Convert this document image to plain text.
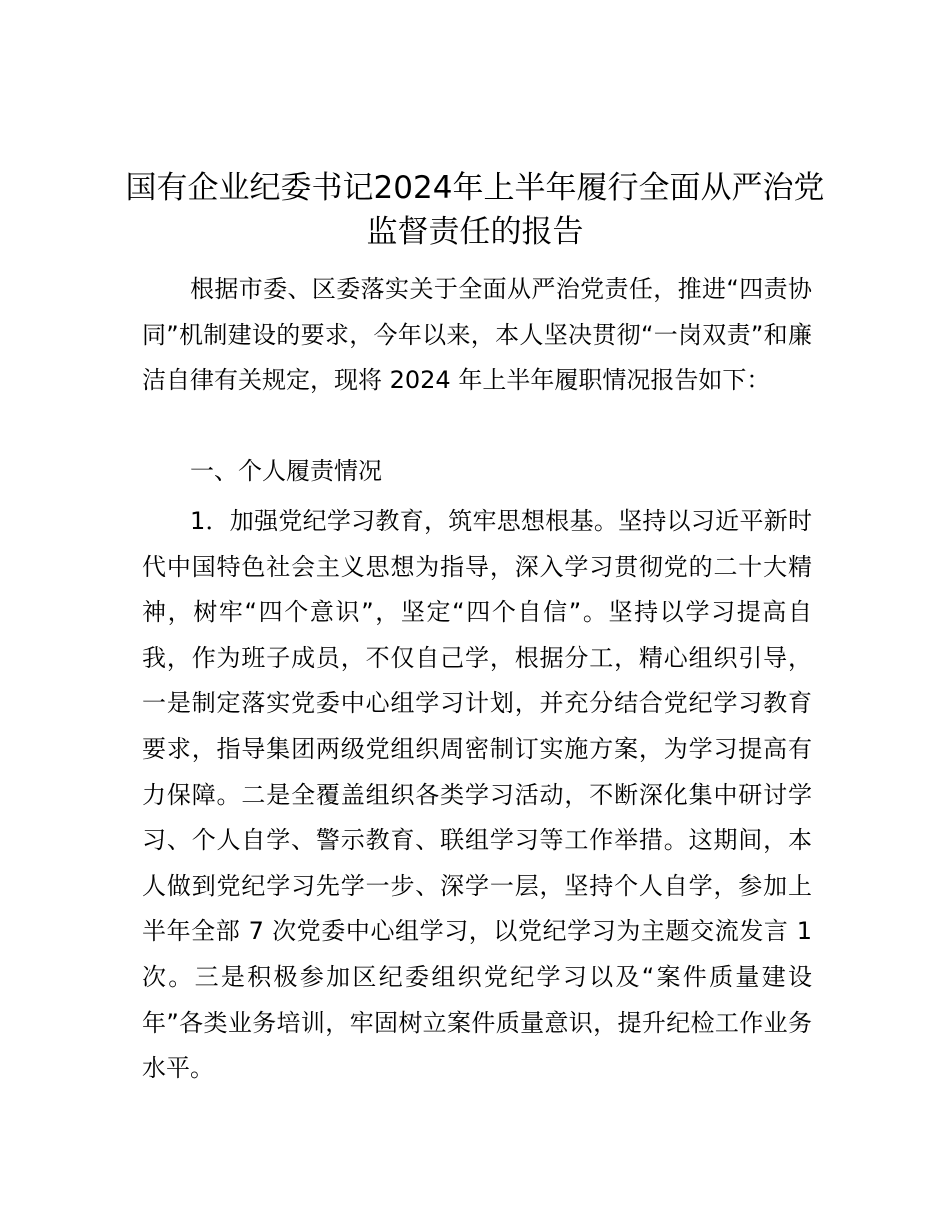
国有企业纪委书记2024年上半年履行全面从严治党监督责任的报告

根据市委、区委落实关于全面从严治党责任，推进“四责协同”机制建设的要求，今年以来，本人坚决贯彻“一岗双责”和廉洁自律有关规定，现将 2024 年上半年履职情况报告如下：

一、个人履责情况

1．加强党纪学习教育，筑牢思想根基。坚持以习近平新时代中国特色社会主义思想为指导，深入学习贯彻党的二十大精神，树牢“四个意识”，坚定“四个自信”。坚持以学习提高自我，作为班子成员，不仅自己学，根据分工，精心组织引导，一是制定落实党委中心组学习计划，并充分结合党纪学习教育要求，指导集团两级党组织周密制订实施方案，为学习提高有力保障。二是全覆盖组织各类学习活动，不断深化集中研讨学习、个人自学、警示教育、联组学习等工作举措。这期间，本人做到党纪学习先学一步、深学一层，坚持个人自学，参加上半年全部 7 次党委中心组学习，以党纪学习为主题交流发言 1 次。三是积极参加区纪委组织党纪学习以及“案件质量建设年”各类业务培训，牢固树立案件质量意识，提升纪检工作业务水平。
